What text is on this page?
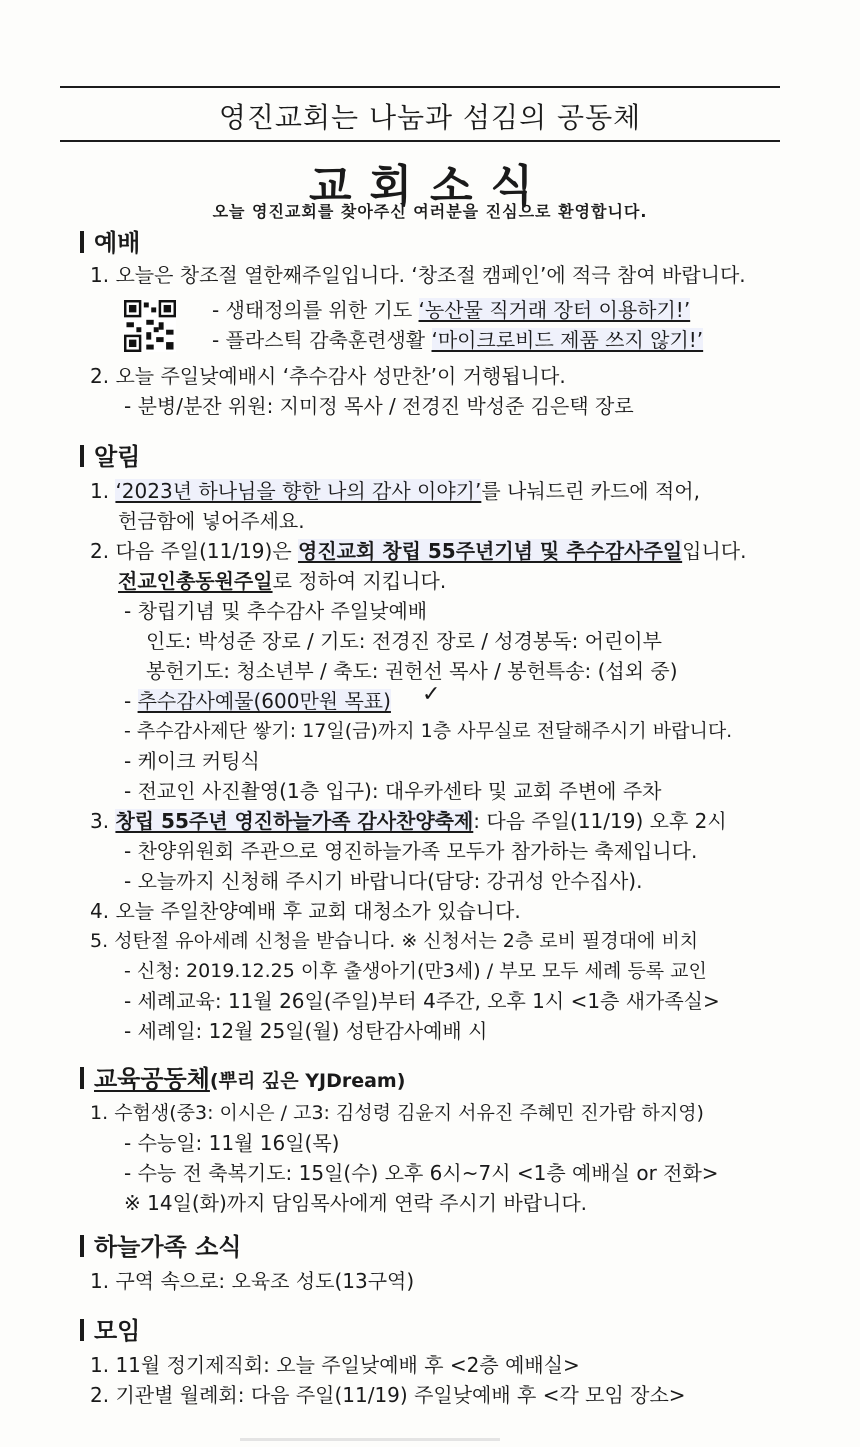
영진교회는 나눔과 섬김의 공동체
교회소식
오늘 영진교회를 찾아주신 여러분을 진심으로 환영합니다.
예배
1. 오늘은 창조절 열한째주일입니다. ‘창조절 캠페인’에 적극 참여 바랍니다.
- 생태정의를 위한 기도 ‘농산물 직거래 장터 이용하기!’
- 플라스틱 감축훈련생활 ‘마이크로비드 제품 쓰지 않기!’
2. 오늘 주일낮예배시 ‘추수감사 성만찬’이 거행됩니다.
- 분병/분잔 위원: 지미정 목사 / 전경진 박성준 김은택 장로
알림
1. ‘2023년 하나님을 향한 나의 감사 이야기’를 나눠드린 카드에 적어,
헌금함에 넣어주세요.
2. 다음 주일(11/19)은 영진교회 창립 55주년기념 및 추수감사주일입니다.
전교인총동원주일로 정하여 지킵니다.
- 창립기념 및 추수감사 주일낮예배
인도: 박성준 장로 / 기도: 전경진 장로 / 성경봉독: 어린이부
봉헌기도: 청소년부 / 축도: 권헌선 목사 / 봉헌특송: (섭외 중)
- 추수감사예물(600만원 목표) ✓
- 추수감사제단 쌓기: 17일(금)까지 1층 사무실로 전달해주시기 바랍니다.
- 케이크 커팅식
- 전교인 사진촬영(1층 입구): 대우카센타 및 교회 주변에 주차
3. 창립 55주년 영진하늘가족 감사찬양축제: 다음 주일(11/19) 오후 2시
- 찬양위원회 주관으로 영진하늘가족 모두가 참가하는 축제입니다.
- 오늘까지 신청해 주시기 바랍니다(담당: 강귀성 안수집사).
4. 오늘 주일찬양예배 후 교회 대청소가 있습니다.
5. 성탄절 유아세례 신청을 받습니다. ※ 신청서는 2층 로비 필경대에 비치
- 신청: 2019.12.25 이후 출생아기(만3세) / 부모 모두 세례 등록 교인
- 세례교육: 11월 26일(주일)부터 4주간, 오후 1시 <1층 새가족실>
- 세례일: 12월 25일(월) 성탄감사예배 시
교육공동체(뿌리 깊은 YJDream)
1. 수험생(중3: 이시은 / 고3: 김성령 김윤지 서유진 주혜민 진가람 하지영)
- 수능일: 11월 16일(목)
- 수능 전 축복기도: 15일(수) 오후 6시~7시 <1층 예배실 or 전화>
※ 14일(화)까지 담임목사에게 연락 주시기 바랍니다.
하늘가족 소식
1. 구역 속으로: 오육조 성도(13구역)
모임
1. 11월 정기제직회: 오늘 주일낮예배 후 <2층 예배실>
2. 기관별 월례회: 다음 주일(11/19) 주일낮예배 후 <각 모임 장소>
